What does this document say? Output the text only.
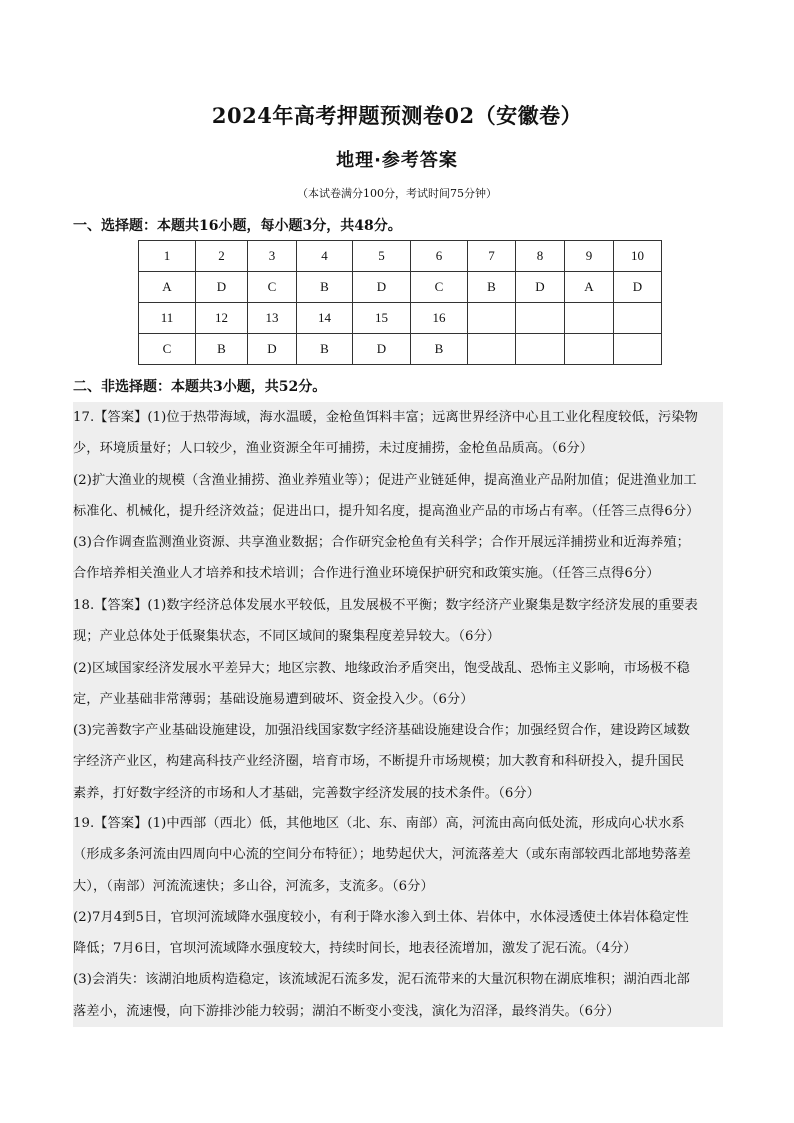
2024年高考押题预测卷02（安徽卷）
地理·参考答案
（本试卷满分100分，考试时间75分钟）
一、选择题：本题共16小题，每小题3分，共48分。
1	2	3	4	5	6	7	8	9	10
A	D	C	B	D	C	B	D	A	D
11	12	13	14	15	16				
C	B	D	B	D	B				
二、非选择题：本题共3小题，共52分。

17.【答案】(1)位于热带海域，海水温暖，金枪鱼饵料丰富；远离世界经济中心且工业化程度较低，污染物

少，环境质量好；人口较少，渔业资源全年可捕捞，未过度捕捞，金枪鱼品质高。（6分）

(2)扩大渔业的规模（含渔业捕捞、渔业养殖业等）；促进产业链延伸，提高渔业产品附加值；促进渔业加工

标准化、机械化，提升经济效益；促进出口，提升知名度，提高渔业产品的市场占有率。（任答三点得6分）

(3)合作调查监测渔业资源、共享渔业数据；合作研究金枪鱼有关科学；合作开展远洋捕捞业和近海养殖；

合作培养相关渔业人才培养和技术培训；合作进行渔业环境保护研究和政策实施。（任答三点得6分）

18.【答案】(1)数字经济总体发展水平较低，且发展极不平衡；数字经济产业聚集是数字经济发展的重要表

现；产业总体处于低聚集状态，不同区域间的聚集程度差异较大。（6分）

(2)区域国家经济发展水平差异大；地区宗教、地缘政治矛盾突出，饱受战乱、恐怖主义影响，市场极不稳

定，产业基础非常薄弱；基础设施易遭到破坏、资金投入少。（6分）

(3)完善数字产业基础设施建设，加强沿线国家数字经济基础设施建设合作；加强经贸合作，建设跨区域数

字经济产业区，构建高科技产业经济圈，培育市场，不断提升市场规模；加大教育和科研投入，提升国民

素养，打好数字经济的市场和人才基础，完善数字经济发展的技术条件。（6分）

19.【答案】(1)中西部（西北）低，其他地区（北、东、南部）高，河流由高向低处流，形成向心状水系

（形成多条河流由四周向中心流的空间分布特征）；地势起伏大，河流落差大（或东南部较西北部地势落差

大），（南部）河流流速快；多山谷，河流多，支流多。（6分）

(2)7月4到5日，官坝河流域降水强度较小，有利于降水渗入到土体、岩体中，水体浸透使土体岩体稳定性

降低；7月6日，官坝河流域降水强度较大，持续时间长，地表径流增加，激发了泥石流。（4分）

(3)会消失：该湖泊地质构造稳定，该流域泥石流多发，泥石流带来的大量沉积物在湖底堆积；湖泊西北部

落差小，流速慢，向下游排沙能力较弱；湖泊不断变小变浅，演化为沼泽，最终消失。（6分）
